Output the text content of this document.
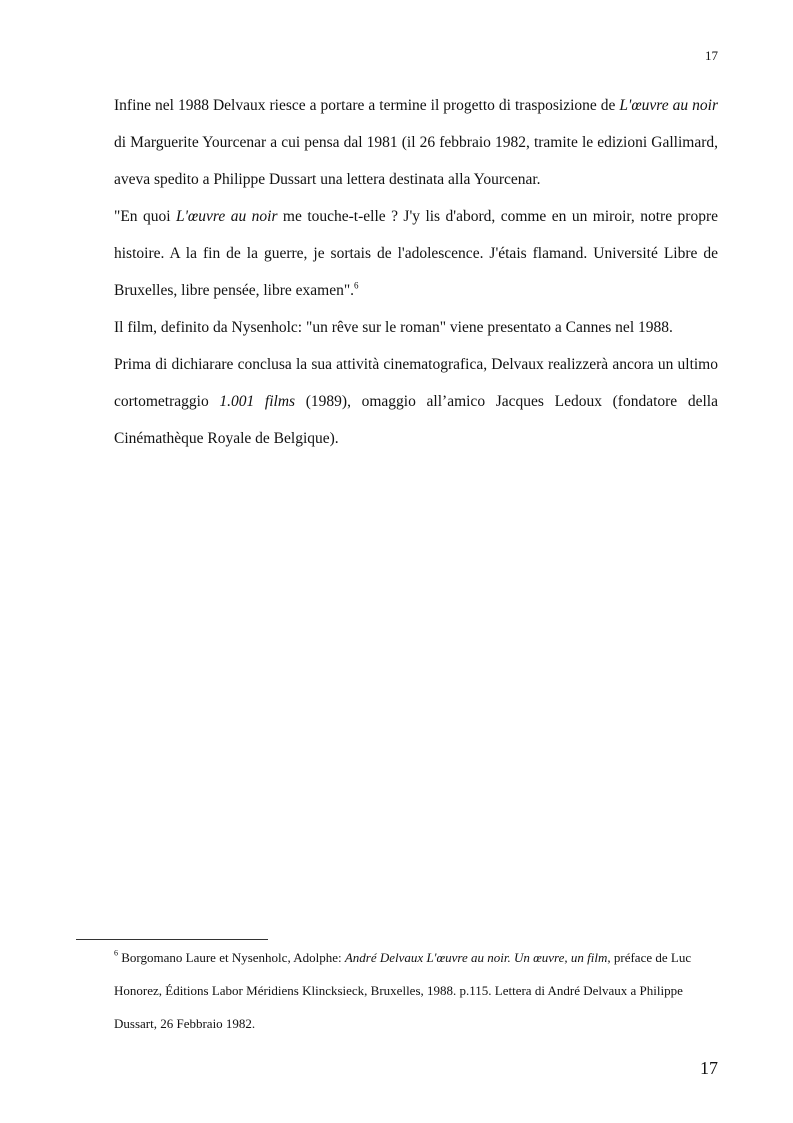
17

Infine nel 1988 Delvaux riesce a portare a termine il progetto di trasposizione de L'œuvre au noir di Marguerite Yourcenar a cui pensa dal 1981 (il 26 febbraio 1982, tramite le edizioni Gallimard, aveva spedito a Philippe Dussart una lettera destinata alla Yourcenar.

"En quoi L'œuvre au noir me touche-t-elle ? J'y lis d'abord, comme en un miroir, notre propre histoire. A la fin de la guerre, je sortais de l'adolescence. J'étais flamand. Université Libre de Bruxelles, libre pensée, libre examen".$^6$

Il film, definito da Nysenholc: "un rêve sur le roman" viene presentato a Cannes nel 1988.

Prima di dichiarare conclusa la sua attività cinematografica, Delvaux realizzerà ancora un ultimo cortometraggio 1.001 films (1989), omaggio all’amico Jacques Ledoux (fondatore della Cinémathèque Royale de Belgique).

$^6$ Borgomano Laure et Nysenholc, Adolphe: André Delvaux L'œuvre au noir. Un œuvre, un film, préface de Luc Honorez, Éditions Labor Méridiens Klincksieck, Bruxelles, 1988. p.115. Lettera di André Delvaux a Philippe Dussart, 26 Febbraio 1982.

17
